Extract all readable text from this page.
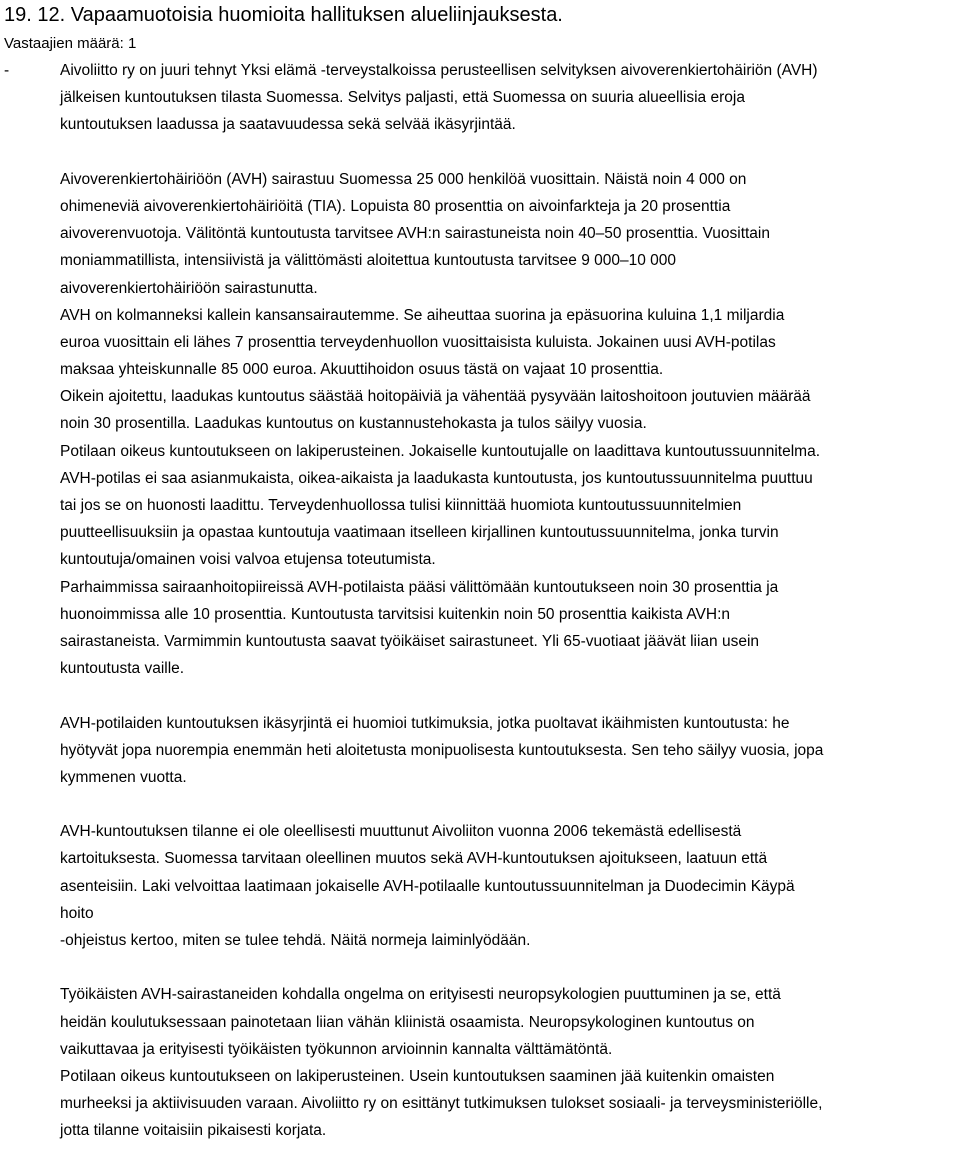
19. 12. Vapaamuotoisia huomioita hallituksen alueliinjauksesta.
Vastaajien määrä: 1
-	Aivoliitto ry on juuri tehnyt Yksi elämä -terveystalkoissa perusteellisen selvityksen aivoverenkiertohäiriön (AVH)
jälkeisen kuntoutuksen tilasta Suomessa. Selvitys paljasti, että Suomessa on suuria alueellisia eroja
kuntoutuksen laadussa ja saatavuudessa sekä selvää ikäsyrjintää.
Aivoverenkiertohäiriöön (AVH) sairastuu Suomessa 25 000 henkilöä vuosittain. Näistä noin 4 000 on
ohimeneviä aivoverenkiertohäiriöitä (TIA). Lopuista 80 prosenttia on aivoinfarkteja ja 20 prosenttia
aivoverenvuotoja. Välitöntä kuntoutusta tarvitsee AVH:n sairastuneista noin 40–50 prosenttia. Vuosittain
moniammatillista, intensiivistä ja välittömästi aloitettua kuntoutusta tarvitsee 9 000–10 000
aivoverenkiertohäiriöön sairastunutta.
AVH on kolmanneksi kallein kansansairautemme. Se aiheuttaa suorina ja epäsuorina kuluina 1,1 miljardia
euroa vuosittain eli lähes 7 prosenttia terveydenhuollon vuosittaisista kuluista. Jokainen uusi AVH-potilas
maksaa yhteiskunnalle 85 000 euroa. Akuuttihoidon osuus tästä on vajaat 10 prosenttia.
Oikein ajoitettu, laadukas kuntoutus säästää hoitopäiviä ja vähentää pysyvään laitoshoitoon joutuvien määrää
noin 30 prosentilla. Laadukas kuntoutus on kustannustehokasta ja tulos säilyy vuosia.
Potilaan oikeus kuntoutukseen on lakiperusteinen. Jokaiselle kuntoutujalle on laadittava kuntoutussuunnitelma.
AVH-potilas ei saa asianmukaista, oikea-aikaista ja laadukasta kuntoutusta, jos kuntoutussuunnitelma puuttuu
tai jos se on huonosti laadittu. Terveydenhuollossa tulisi kiinnittää huomiota kuntoutussuunnitelmien
puutteellisuuksiin ja opastaa kuntoutuja vaatimaan itselleen kirjallinen kuntoutussuunnitelma, jonka turvin
kuntoutuja/omainen voisi valvoa etujensa toteutumista.
Parhaimmissa sairaanhoitopiireissä AVH-potilaista pääsi välittömään kuntoutukseen noin 30 prosenttia ja
huonoimmissa alle 10 prosenttia. Kuntoutusta tarvitsisi kuitenkin noin 50 prosenttia kaikista AVH:n
sairastaneista. Varmimmin kuntoutusta saavat työikäiset sairastuneet. Yli 65-vuotiaat jäävät liian usein
kuntoutusta vaille.
AVH-potilaiden kuntoutuksen ikäsyrjintä ei huomioi tutkimuksia, jotka puoltavat ikäihmisten kuntoutusta: he
hyötyvät jopa nuorempia enemmän heti aloitetusta monipuolisesta kuntoutuksesta. Sen teho säilyy vuosia, jopa
kymmenen vuotta.
AVH-kuntoutuksen tilanne ei ole oleellisesti muuttunut Aivoliiton vuonna 2006 tekemästä edellisestä
kartoituksesta. Suomessa tarvitaan oleellinen muutos sekä AVH-kuntoutuksen ajoitukseen, laatuun että
asenteisiin. Laki velvoittaa laatimaan jokaiselle AVH-potilaalle kuntoutussuunnitelman ja Duodecimin Käypä
hoito
-ohjeistus kertoo, miten se tulee tehdä. Näitä normeja laiminlyödään.
Työikäisten AVH-sairastaneiden kohdalla ongelma on erityisesti neuropsykologien puuttuminen ja se, että
heidän koulutuksessaan painotetaan liian vähän kliinistä osaamista. Neuropsykologinen kuntoutus on
vaikuttavaa ja erityisesti työikäisten työkunnon arvioinnin kannalta välttämätöntä.
Potilaan oikeus kuntoutukseen on lakiperusteinen. Usein kuntoutuksen saaminen jää kuitenkin omaisten
murheeksi ja aktiivisuuden varaan. Aivoliitto ry on esittänyt tutkimuksen tulokset sosiaali- ja terveysministeriölle,
jotta tilanne voitaisiin pikaisesti korjata.
